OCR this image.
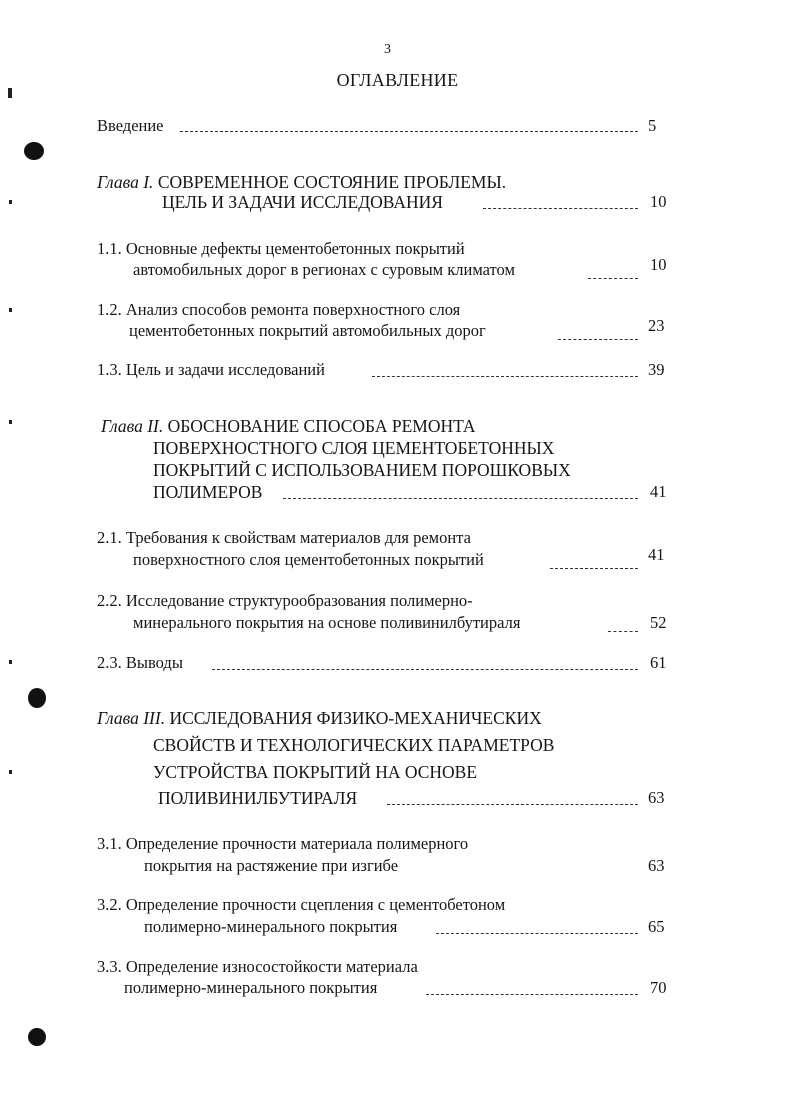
3
ОГЛАВЛЕНИЕ
Введение	5
Глава I. СОВРЕМЕННОЕ СОСТОЯНИЕ ПРОБЛЕМЫ.
ЦЕЛЬ И ЗАДАЧИ ИССЛЕДОВАНИЯ	10
1.1. Основные дефекты цементобетонных покрытий
автомобильных дорог в регионах с суровым климатом	10
1.2. Анализ способов ремонта поверхностного слоя
цементобетонных покрытий автомобильных дорог	23
1.3. Цель и задачи исследований	39
Глава II. ОБОСНОВАНИЕ СПОСОБА РЕМОНТА
ПОВЕРХНОСТНОГО СЛОЯ ЦЕМЕНТОБЕТОННЫХ
ПОКРЫТИЙ С ИСПОЛЬЗОВАНИЕМ ПОРОШКОВЫХ
ПОЛИМЕРОВ	41
2.1. Требования к свойствам материалов для ремонта
поверхностного слоя цементобетонных покрытий	41
2.2. Исследование структурообразования полимерно-
минерального покрытия на основе поливинилбутираля	52
2.3. Выводы	61
Глава III. ИССЛЕДОВАНИЯ ФИЗИКО-МЕХАНИЧЕСКИХ
СВОЙСТВ И ТЕХНОЛОГИЧЕСКИХ ПАРАМЕТРОВ
УСТРОЙСТВА ПОКРЫТИЙ НА ОСНОВЕ
ПОЛИВИНИЛБУТИРАЛЯ	63
3.1. Определение прочности материала полимерного
покрытия на растяжение при изгибе	63
3.2. Определение прочности сцепления с цементобетоном
полимерно-минерального покрытия	65
3.3. Определение износостойкости материала
полимерно-минерального покрытия	70
